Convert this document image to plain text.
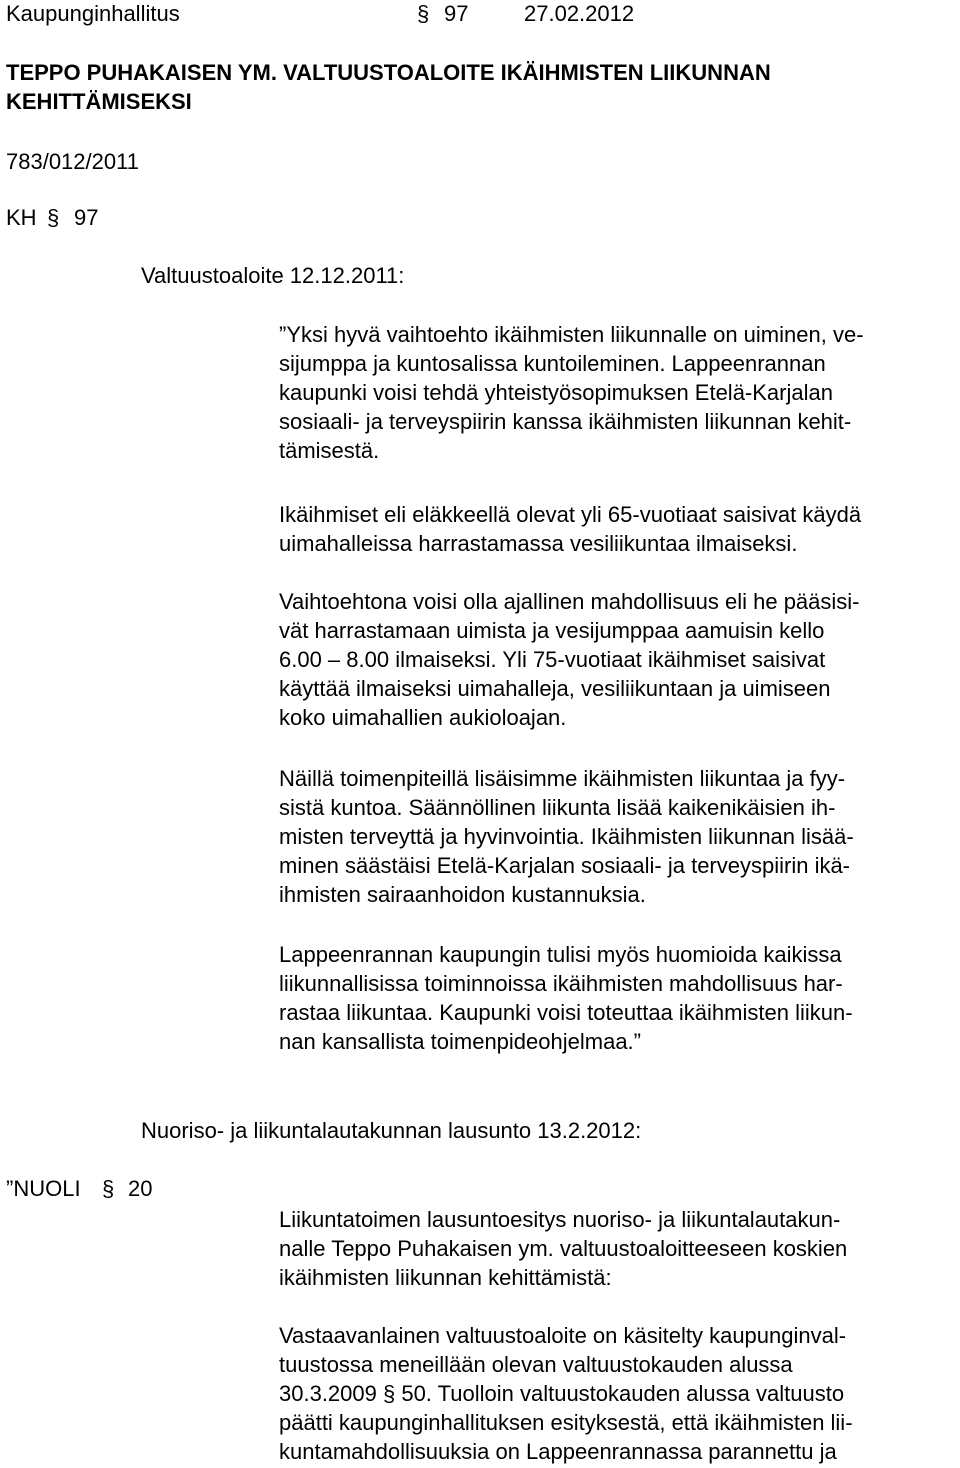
Kaupunginhallitus	§ 97	27.02.2012
TEPPO PUHAKAISEN YM. VALTUUSTOALOITE IKÄIHMISTEN LIIKUNNAN
KEHITTÄMISEKSI
783/012/2011
KH § 97
Valtuustoaloite 12.12.2011:
”Yksi hyvä vaihtoehto ikäihmisten liikunnalle on uiminen, ve-
sijumppa ja kuntosalissa kuntoileminen. Lappeenrannan
kaupunki voisi tehdä yhteistyösopimuksen Etelä-Karjalan
sosiaali- ja terveyspiirin kanssa ikäihmisten liikunnan kehit-
tämisestä.
Ikäihmiset eli eläkkeellä olevat yli 65-vuotiaat saisivat käydä
uimahalleissa harrastamassa vesiliikuntaa ilmaiseksi.
Vaihtoehtona voisi olla ajallinen mahdollisuus eli he pääsisi-
vät harrastamaan uimista ja vesijumppaa aamuisin kello
6.00 – 8.00 ilmaiseksi. Yli 75-vuotiaat ikäihmiset saisivat
käyttää ilmaiseksi uimahalleja, vesiliikuntaan ja uimiseen
koko uimahallien aukioloajan.
Näillä toimenpiteillä lisäisimme ikäihmisten liikuntaa ja fyy-
sistä kuntoa. Säännöllinen liikunta lisää kaikenikäisien ih-
misten terveyttä ja hyvinvointia. Ikäihmisten liikunnan lisää-
minen säästäisi Etelä-Karjalan sosiaali- ja terveyspiirin ikä-
ihmisten sairaanhoidon kustannuksia.
Lappeenrannan kaupungin tulisi myös huomioida kaikissa
liikunnallisissa toiminnoissa ikäihmisten mahdollisuus har-
rastaa liikuntaa. Kaupunki voisi toteuttaa ikäihmisten liikun-
nan kansallista toimenpideohjelmaa.”
Nuoriso- ja liikuntalautakunnan lausunto 13.2.2012:
”NUOLI § 20
Liikuntatoimen lausuntoesitys nuoriso- ja liikuntalautakun-
nalle Teppo Puhakaisen ym. valtuustoaloitteeseen koskien
ikäihmisten liikunnan kehittämistä:
Vastaavanlainen valtuustoaloite on käsitelty kaupunginval-
tuustossa meneillään olevan valtuustokauden alussa
30.3.2009 § 50. Tuolloin valtuustokauden alussa valtuusto
päätti kaupunginhallituksen esityksestä, että ikäihmisten lii-
kuntamahdollisuuksia on Lappeenrannassa parannettu ja
